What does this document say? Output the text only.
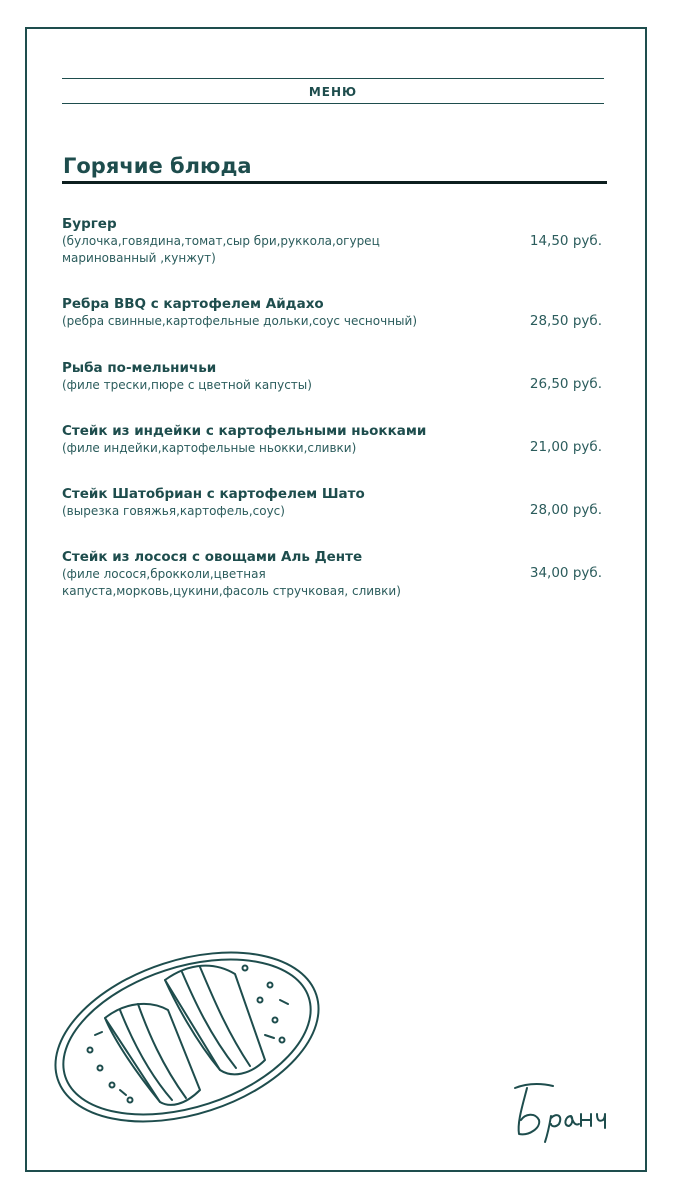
МЕНЮ
Горячие блюда
Бургер
(булочка,говядина,томат,сыр бри,руккола,огурец маринованный ,кунжут)
14,50 руб.
Ребра BBQ с картофелем Айдахо
(ребра свинные,картофельные дольки,соус чесночный)	28,50 руб.
Рыба по-мельничьи
(филе трески,пюре с цветной капусты)	26,50 руб.
Стейк из индейки с картофельными ньокками
(филе индейки,картофельные ньокки,сливки)	21,00 руб.
Стейк Шатобриан с картофелем Шато
(вырезка говяжья,картофель,соус)	28,00 руб.
Стейк из лосося с овощами Аль Денте
(филе лосося,брокколи,цветная капуста,морковь,цукини,фасоль стручковая, сливки)
34,00 руб.
